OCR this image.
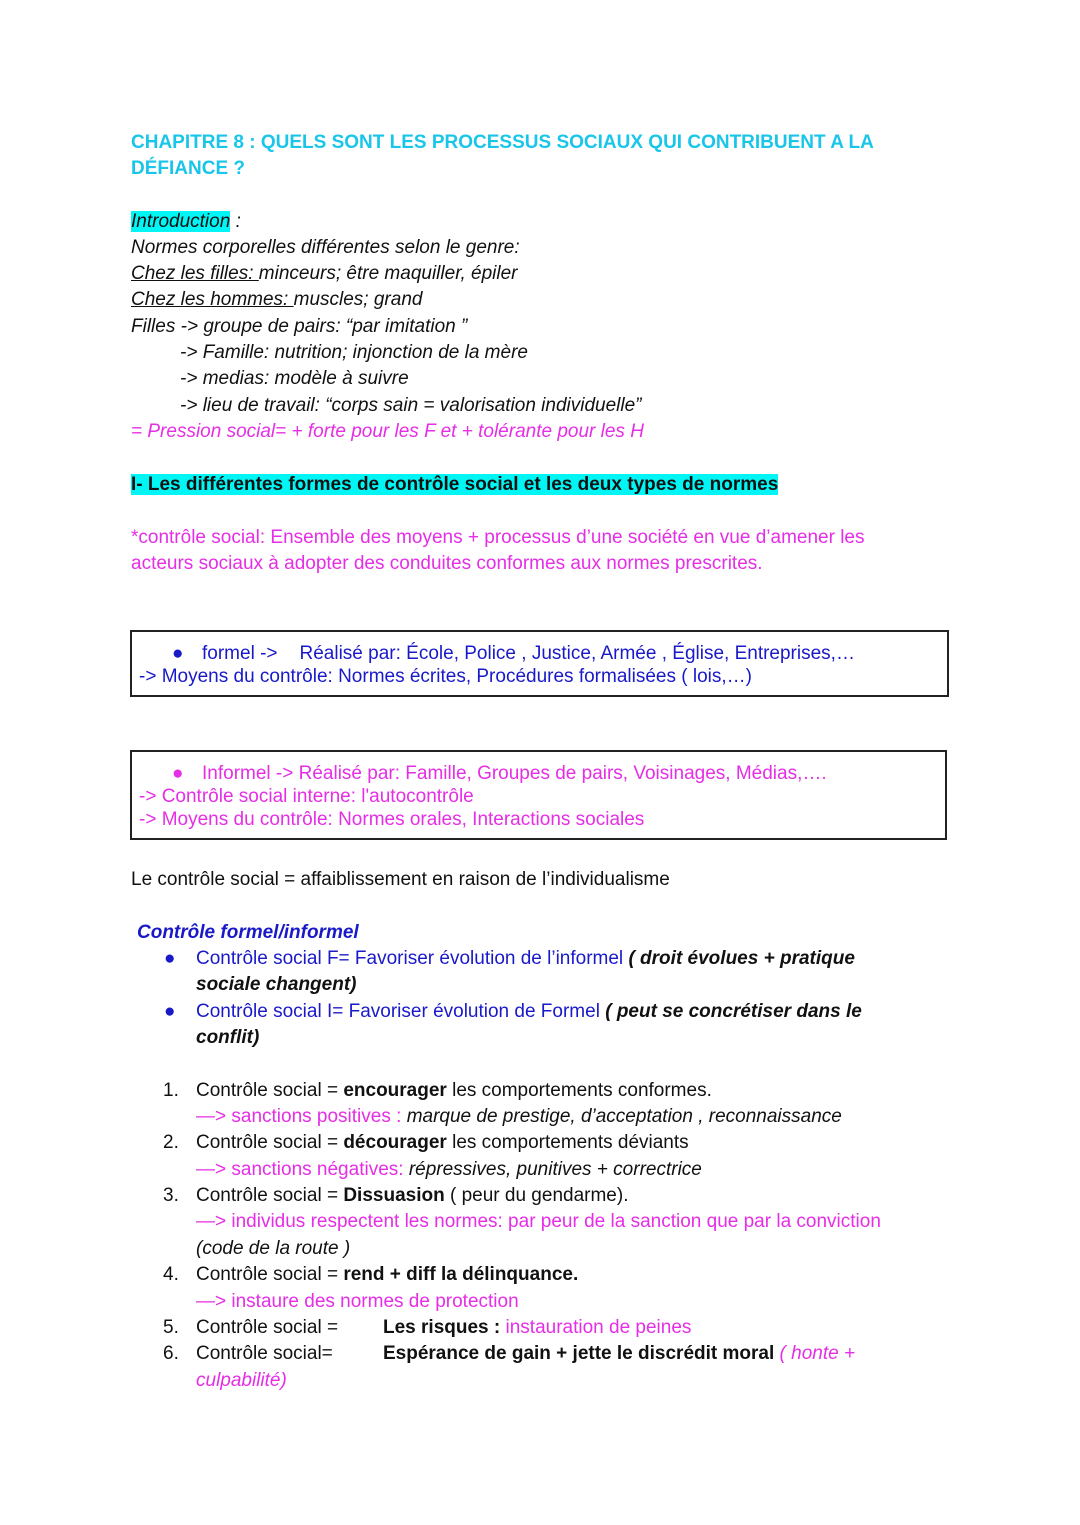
CHAPITRE 8 : QUELS SONT LES PROCESSUS SOCIAUX QUI CONTRIBUENT A LA
DÉFIANCE ?
Introduction :
Normes corporelles différentes selon le genre:
Chez les filles: minceurs; être maquiller, épiler
Chez les hommes: muscles; grand
Filles -> groupe de pairs: “par imitation ”
-> Famille: nutrition; injonction de la mère
-> medias: modèle à suivre
-> lieu de travail: “corps sain = valorisation individuelle”
= Pression social= + forte pour les F et + tolérante pour les H
I- Les différentes formes de contrôle social et les deux types de normes
*contrôle social: Ensemble des moyens + processus d’une société en vue d’amener les
acteurs sociaux à adopter des conduites conformes aux normes prescrites.
● formel -> Réalisé par: École, Police , Justice, Armée , Église, Entreprises,…
-> Moyens du contrôle: Normes écrites, Procédures formalisées ( lois,…)
● Informel -> Réalisé par: Famille, Groupes de pairs, Voisinages, Médias,….
-> Contrôle social interne: l'autocontrôle
-> Moyens du contrôle: Normes orales, Interactions sociales
Le contrôle social = affaiblissement en raison de l’individualisme
Contrôle formel/informel
● Contrôle social F= Favoriser évolution de l’informel ( droit évolues + pratique
sociale changent)
● Contrôle social I= Favoriser évolution de Formel ( peut se concrétiser dans le
conflit)
1. Contrôle social = encourager les comportements conformes.
—> sanctions positives : marque de prestige, d’acceptation , reconnaissance
2. Contrôle social = décourager les comportements déviants
—> sanctions négatives: répressives, punitives + correctrice
3. Contrôle social = Dissuasion ( peur du gendarme).
—> individus respectent les normes: par peur de la sanction que par la conviction
(code de la route )
4. Contrôle social = rend + diff la délinquance.
—> instaure des normes de protection
5. Contrôle social = Les risques : instauration de peines
6. Contrôle social=	Espérance de gain + jette le discrédit moral ( honte +
culpabilité)
